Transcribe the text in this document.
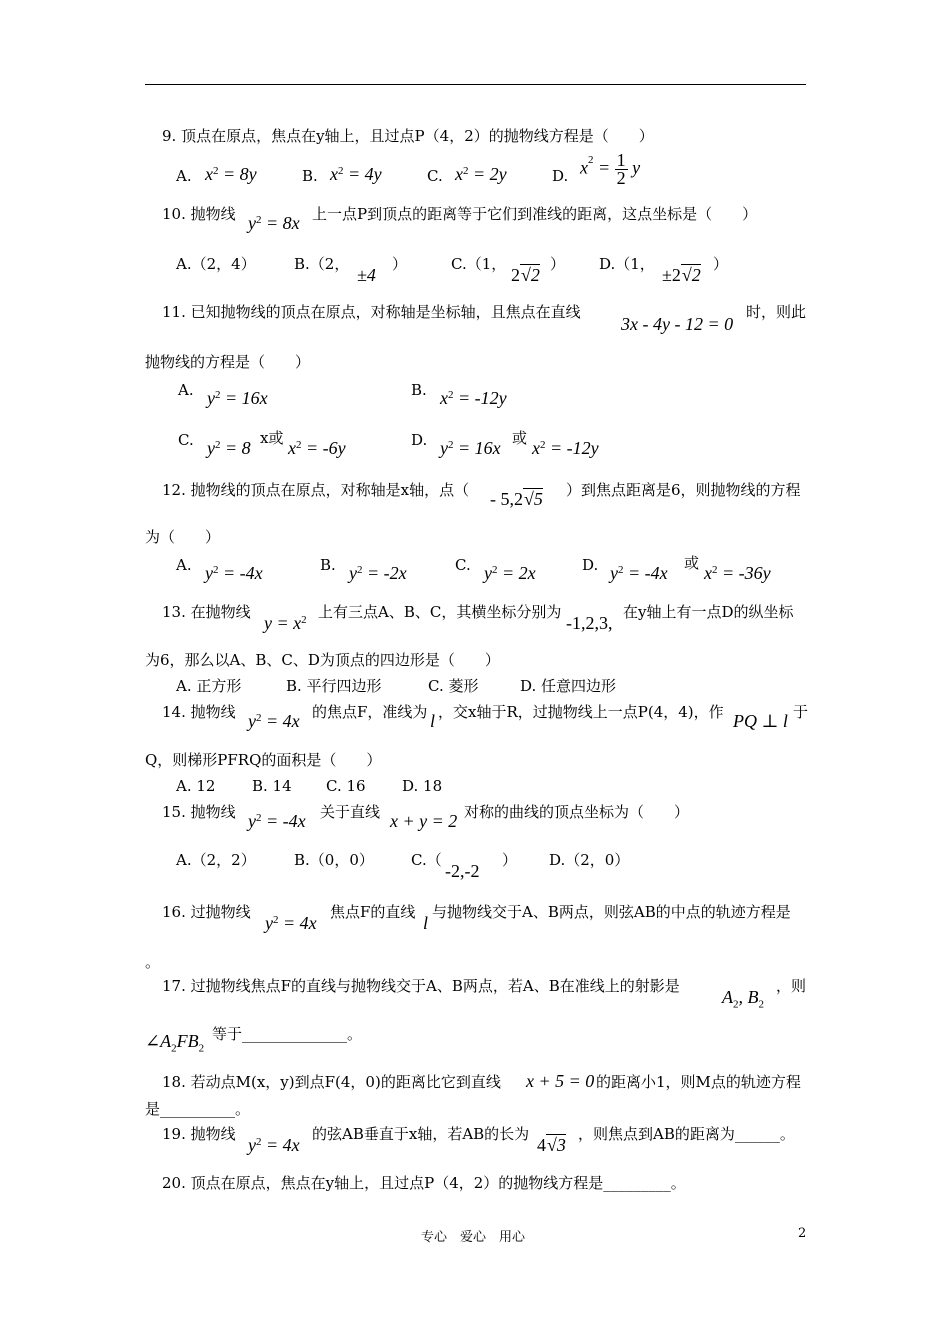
9. 顶点在原点，焦点在y轴上，且过点P（4，2）的抛物线方程是（　　）
A. $x^2 = 8y$	B. $x^2 = 4y$	C. $x^2 = 2y$	D. $x^2 = \frac{1}{2}$ y
10. 抛物线 $y^2 = 8x$ 上一点P到顶点的距离等于它们到准线的距离，这点坐标是（　　）
A.（2，4）	B.（2，
±4
）	C.（1，
2√2
） D.（1，
±2√2
）
11. 已知抛物线的顶点在原点，对称轴是坐标轴，且焦点在直线
3x - 4y - 12 = 0
时，则此
抛物线的方程是（　　）
A. $y^2 = 16x$	B. $x^2 = -12y$
C. $y^2 = 8$ x或 $x^2 = -6y$	D. $y^2 = 16x$ 或 $x^2 = -12y$
12. 抛物线的顶点在原点，对称轴是x轴，点（ - 5,2√5 ）到焦点距离是6，则抛物线的方程
为（　　）
A. $y^2 = -4x$	B. $y^2 = -2x$	C. $y^2 = 2x$	D. $y^2 = -4x$ 或 $x^2 = -36y$
13. 在抛物线
$y = x^2$ 上有三点A、B、C，其横坐标分别为
-1,2,3,
在y轴上有一点D的纵坐标
为6，那么以A、B、C、D为顶点的四边形是（　　）
A. 正方形	B. 平行四边形	C. 菱形	D. 任意四边形
14. 抛物线 $y^2 = 4x$ 的焦点F，准线为 l ，交x轴于R，过抛物线上一点P(4，4)，作 PQ ⊥ l 于
Q，则梯形PFRQ的面积是（　　）
A. 12 B. 14 C. 16 D. 18
15. 抛物线 $y^2 = -4x$ 关于直线 x + y = 2 对称的曲线的顶点坐标为（　　）
A.（2，2）	B.（0，0） C.（
-2,-2
） D.（2，0）
16. 过抛物线
$y^2 = 4x$
焦点F的直线
l
与抛物线交于A、B两点，则弦AB的中点的轨迹方程是
。
17. 过抛物线焦点F的直线与抛物线交于A、B两点，若A、B在准线上的射影是
$A_2$, $B_2$
，则
$\angle A_2FB_2$
等于______________。
18. 若动点M(x，y)到点F(4，0)的距离比它到直线 x + 5 = 0 的距离小1，则M点的轨迹方程
是__________。
19. 抛物线
$y^2 = 4x$
的弦AB垂直于x轴，若AB的长为
4√3
，则焦点到AB的距离为______。
20. 顶点在原点，焦点在y轴上，且过点P（4，2）的抛物线方程是_________。
专心　爱心　用心	2
